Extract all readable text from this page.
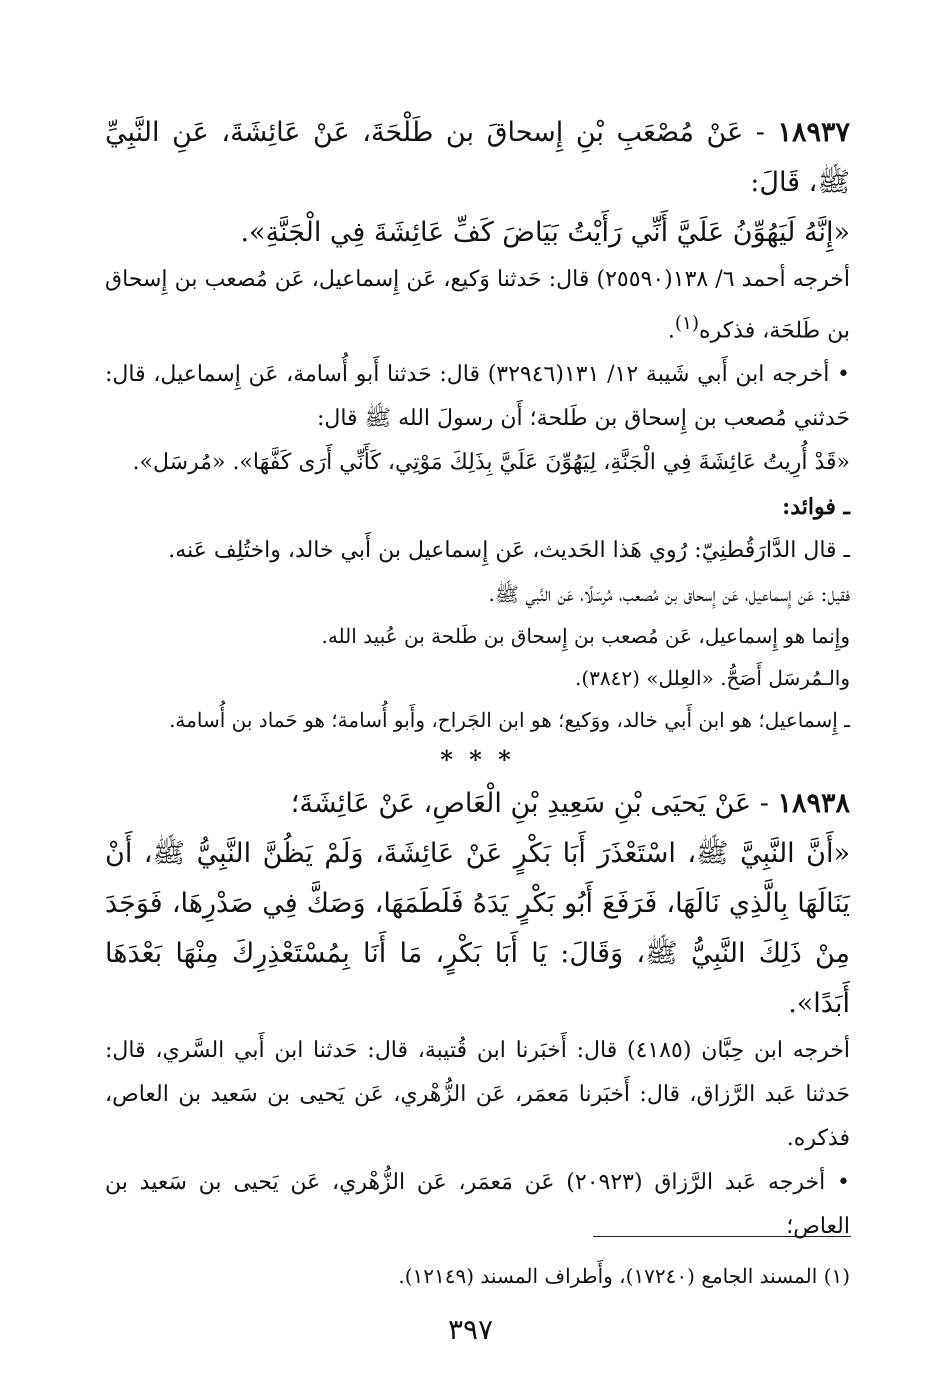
١٨٩٣٧ - عَنْ مُصْعَبِ بْنِ إِسحاقَ بن طَلْحَةَ، عَنْ عَائِشَةَ، عَنِ النَّبِيِّ ﷺ، قَالَ:

«إِنَّهُ لَيَهُوِّنُ عَلَيَّ أَنِّي رَأَيْتُ بَيَاضَ كَفِّ عَائِشَةَ فِي الْجَنَّةِ».

أخرجه أحمد ٦/ ١٣٨(٢٥٥٩٠) قال: حَدثنا وَكيع، عَن إِسماعيل، عَن مُصعب بن إِسحاق بن طَلحَة، فذكره$^{(١)}$.

• أخرجه ابن أَبي شَيبة ١٢/ ١٣١(٣٢٩٤٦) قال: حَدثنا أَبو أُسامة، عَن إِسماعيل، قال: حَدثني مُصعب بن إِسحاق بن طَلحة؛ أَن رسولَ الله ﷺ قال:

«قَدْ أُرِيتُ عَائِشَةَ فِي الْجَنَّةِ، لِيَهُوِّنَ عَلَيَّ بِذَلِكَ مَوْتِي، كَأَنِّي أَرَى كَفَّهَا». «مُرسَل».

ـ فوائد:

ـ قال الدَّارَقُطنِيّ: رُوي هَذا الحَديث، عَن إِسماعيل بن أَبي خالد، واختُلِف عَنه.

فقيل: عَن إِسماعيل، عَن إِسحاق بن مُصعب، مُرسَلًا، عَن النَّبي ﷺ.

وإِنما هو إِسماعيل، عَن مُصعب بن إِسحاق بن طَلحة بن عُبيد الله.

والـمُرسَل أَصَحُّ. «العِلل» (٣٨٤٢).

ـ إِسماعيل؛ هو ابن أَبي خالد، ووَكيع؛ هو ابن الجَراح، وأَبو أُسامة؛ هو حَماد بن أُسامة.

* * *

١٨٩٣٨ - عَنْ يَحيَى بْنِ سَعِيدِ بْنِ الْعَاصِ، عَنْ عَائِشَةَ؛

«أَنَّ النَّبِيَّ ﷺ، اسْتَعْذَرَ أَبَا بَكْرٍ عَنْ عَائِشَةَ، وَلَمْ يَظُنَّ النَّبِيُّ ﷺ، أَنْ يَنَالَهَا بِالَّذِي نَالَهَا، فَرَفَعَ أَبُو بَكْرٍ يَدَهُ فَلَطَمَهَا، وَصَكَّ فِي صَدْرِهَا، فَوَجَدَ مِنْ ذَلِكَ النَّبِيُّ ﷺ، وَقَالَ: يَا أَبَا بَكْرٍ، مَا أَنَا بِمُسْتَعْذِرِكَ مِنْهَا بَعْدَهَا أَبَدًا».

أخرجه ابن حِبَّان (٤١٨٥) قال: أَخبَرنا ابن قُتيبة، قال: حَدثنا ابن أَبي السَّري، قال: حَدثنا عَبد الرَّزاق، قال: أَخبَرنا مَعمَر، عَن الزُّهْري، عَن يَحيى بن سَعيد بن العاص، فذكره.

• أخرجه عَبد الرَّزاق (٢٠٩٢٣) عَن مَعمَر، عَن الزُّهْري، عَن يَحيى بن سَعيد بن العاص؛

(١) المسند الجامع (١٧٢٤٠)، وأَطراف المسند (١٢١٤٩).
٣٩٧
